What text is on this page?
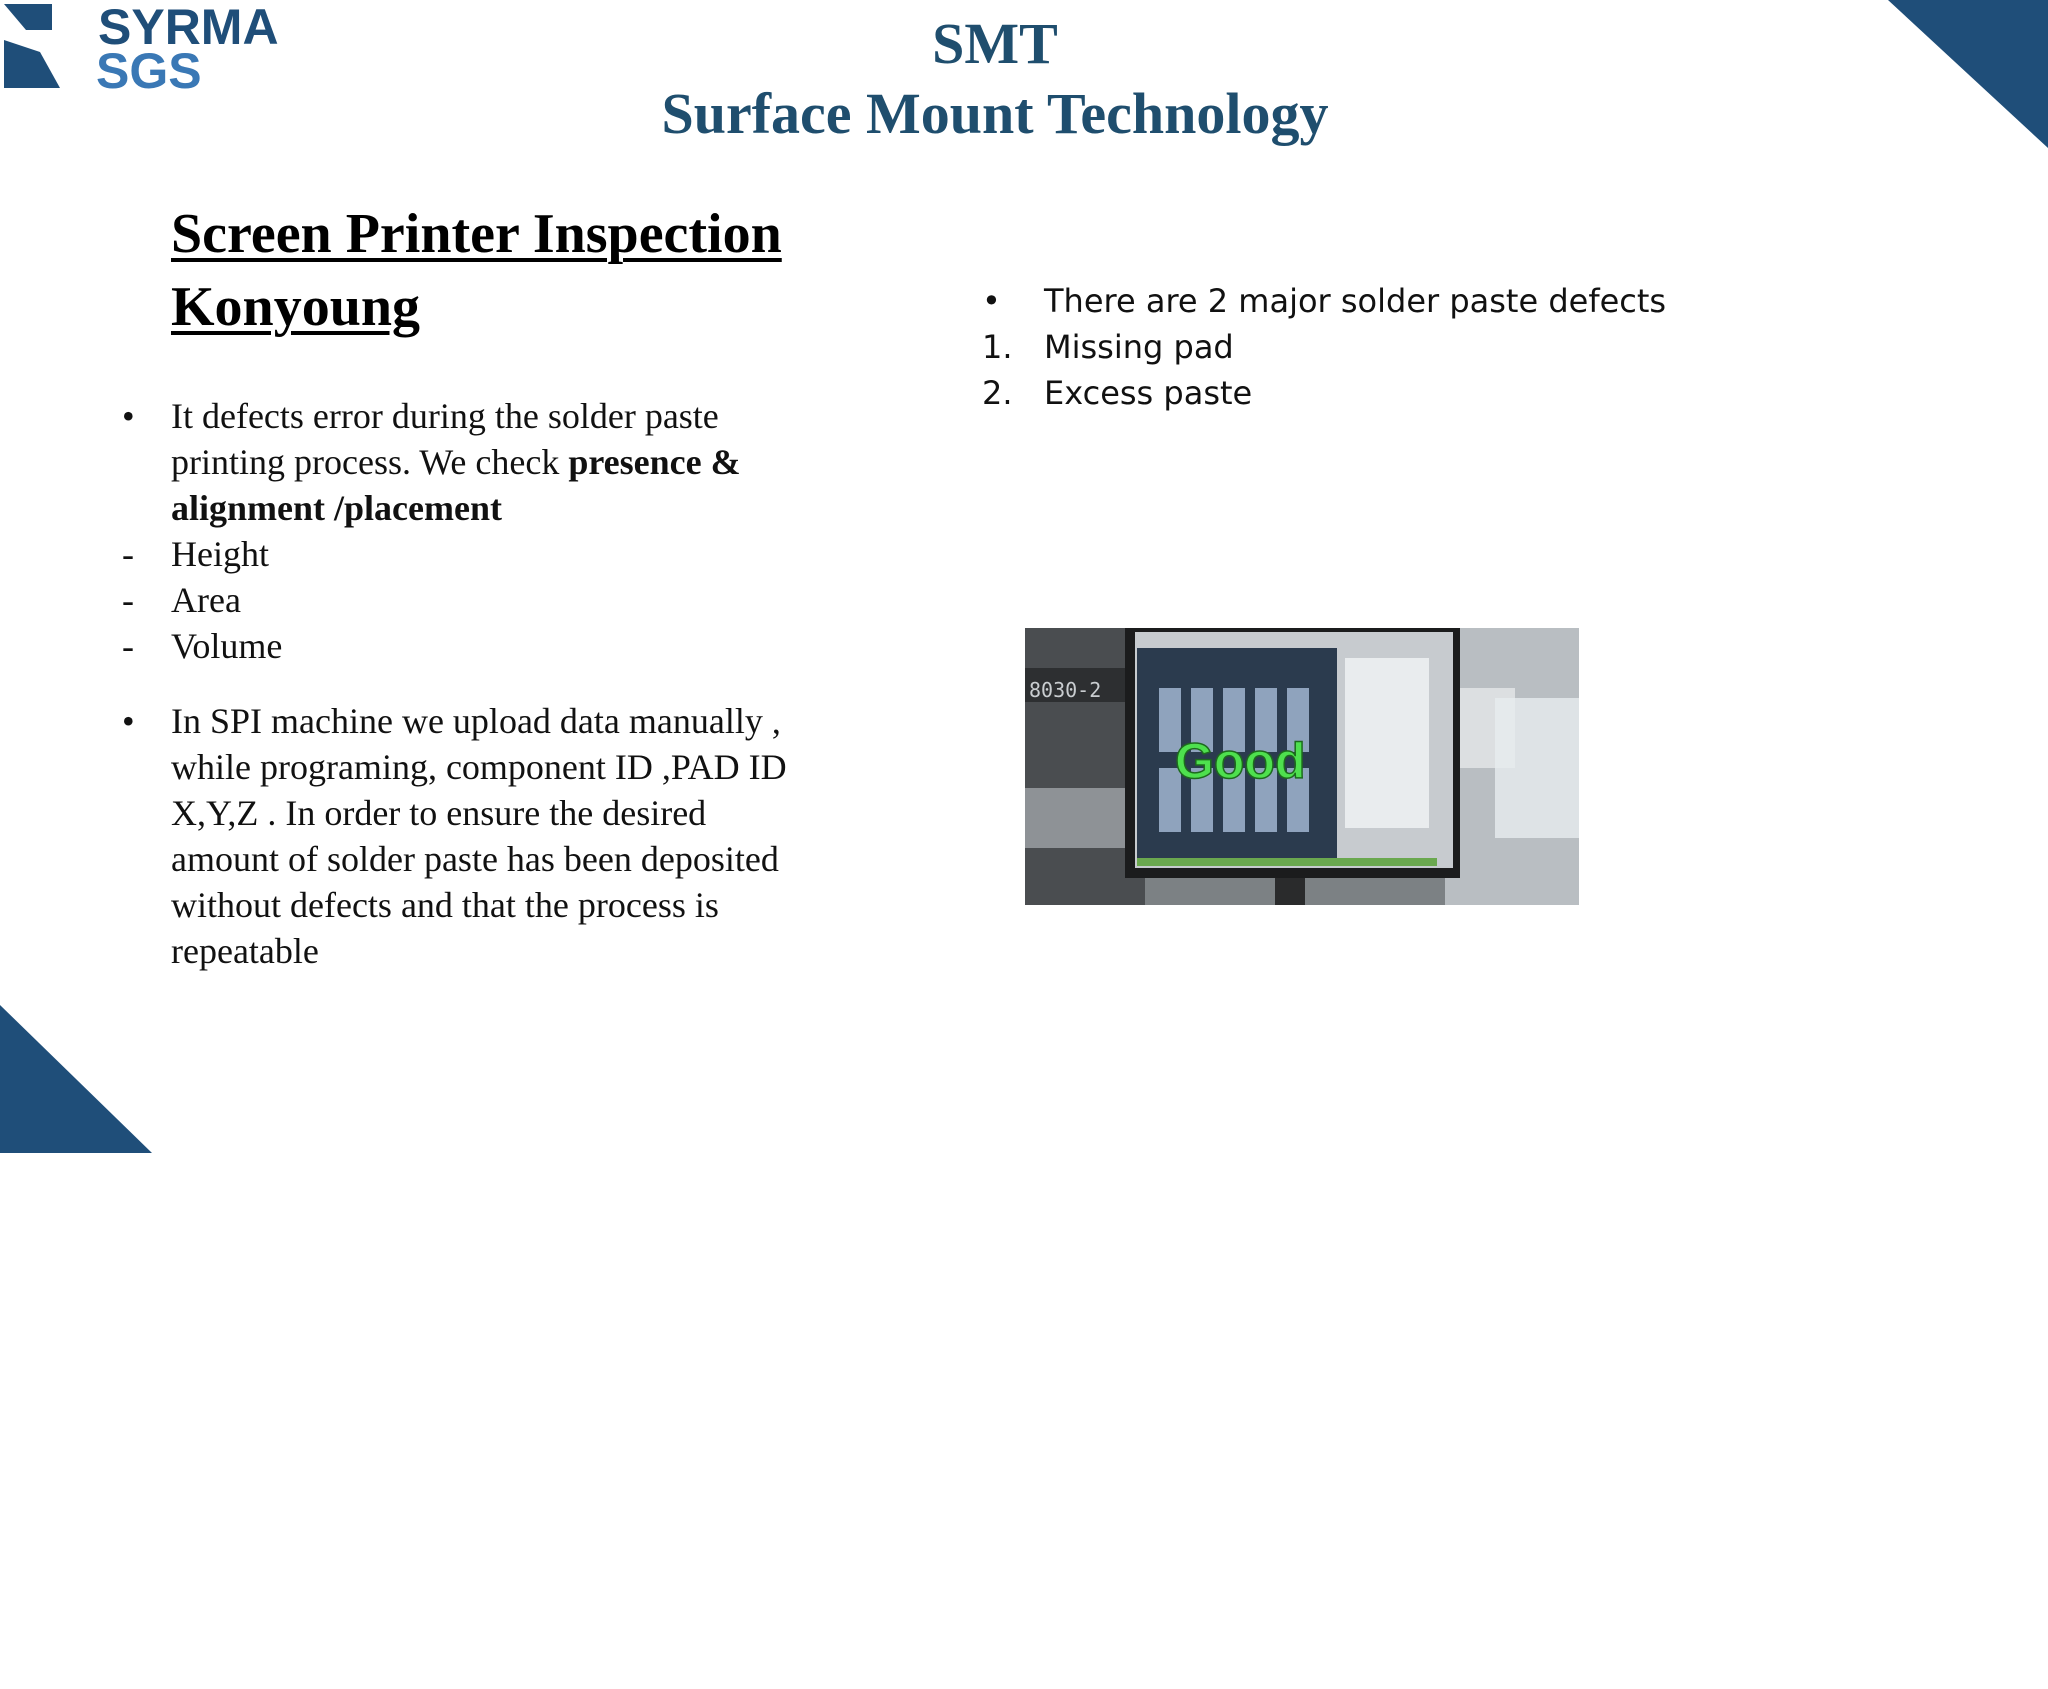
SYRMA
SGS	SMT
Surface Mount Technology
Screen Printer Inspection
Konyoung
•	It defects error during the solder paste
printing process. We check presence &
alignment /placement
-	Height
-	Area
-	Volume
•	In SPI machine we upload data manually ,
while programing, component ID ,PAD ID
X,Y,Z . In order to ensure the desired
amount of solder paste has been deposited
without defects and that the process is
repeatable
•	There are 2 major solder paste defects
1. Missing pad
2. Excess paste
8030-2
Good
